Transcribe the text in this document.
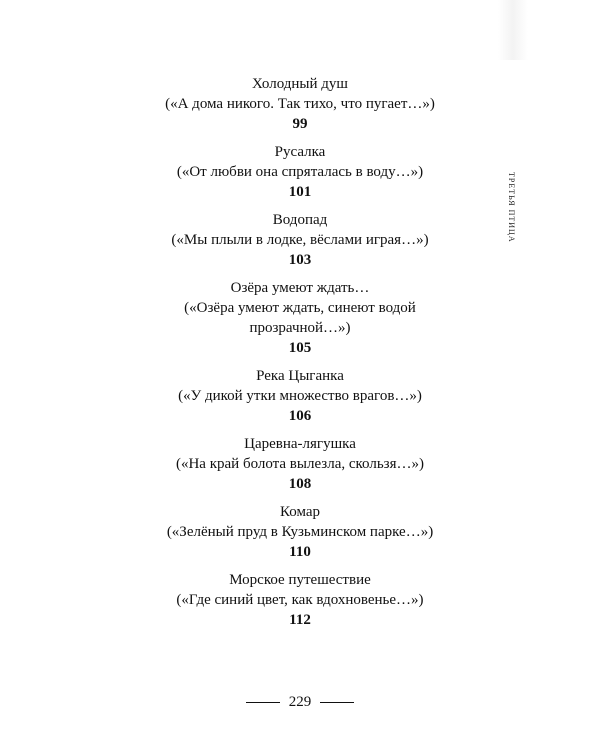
Холодный душ
(«А дома никого. Так тихо, что пугает…»)
99
Русалка
(«От любви она спряталась в воду…»)
101
Водопад
(«Мы плыли в лодке, вёслами играя…»)
103
Озёра умеют ждать…
(«Озёра умеют ждать, синеют водой
прозрачной…»)
105
Река Цыганка
(«У дикой утки множество врагов…»)
106
Царевна-лягушка
(«На край болота вылезла, скользя…»)
108
Комар
(«Зелёный пруд в Кузьминском парке…»)
110
Морское путешествие
(«Где синий цвет, как вдохновенье…»)
112
ТРЕТЬЯ ПТИЦА
229
